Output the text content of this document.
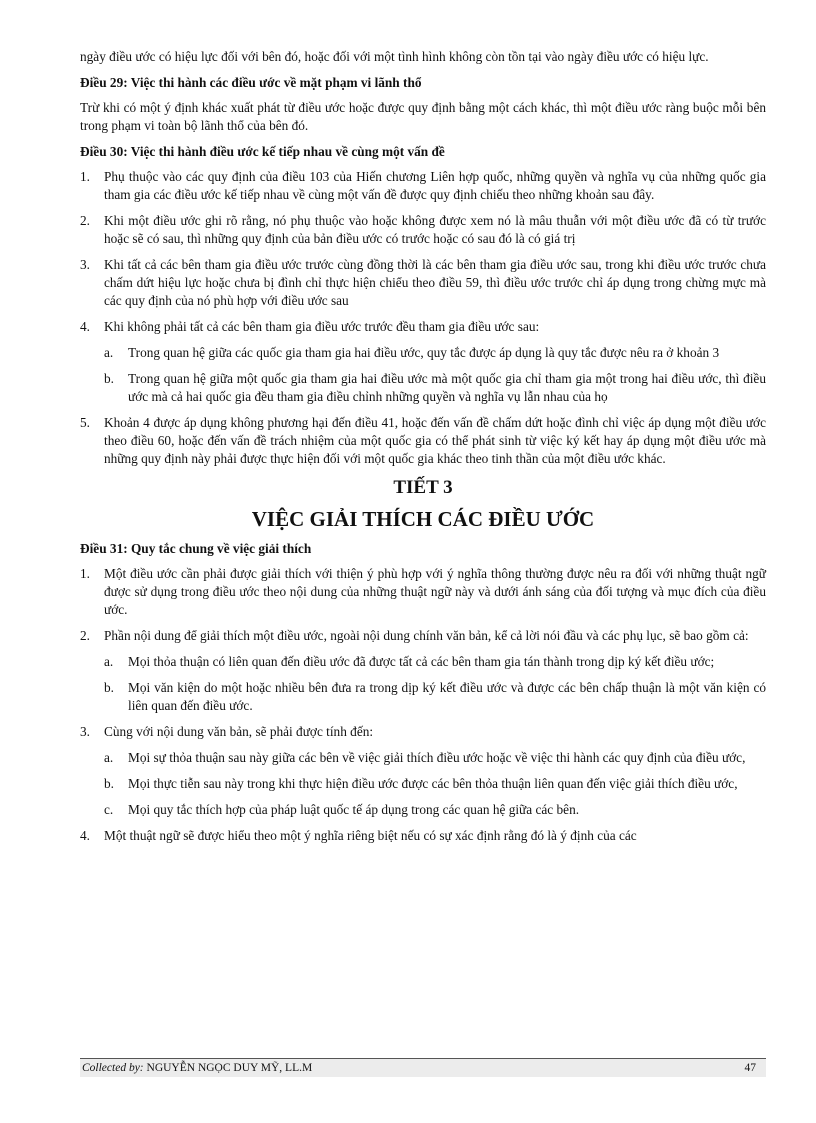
ngày điều ước có hiệu lực đối với bên đó, hoặc đối với một tình hình không còn tồn tại vào ngày điều ước có hiệu lực.

Điều 29: Việc thi hành các điều ước về mặt phạm vi lãnh thổ

Trừ khi có một ý định khác xuất phát từ điều ước hoặc được quy định bằng một cách khác, thì một điều ước ràng buộc mỗi bên trong phạm vi toàn bộ lãnh thổ của bên đó.

Điều 30: Việc thi hành điều ước kế tiếp nhau về cùng một vấn đề

1. Phụ thuộc vào các quy định của điều 103 của Hiến chương Liên hợp quốc, những quyền và nghĩa vụ của những quốc gia tham gia các điều ước kế tiếp nhau về cùng một vấn đề được quy định chiếu theo những khoản sau đây.
2. Khi một điều ước ghi rõ rằng, nó phụ thuộc vào hoặc không được xem nó là mâu thuẫn với một điều ước đã có từ trước hoặc sẽ có sau, thì những quy định của bản điều ước có trước hoặc có sau đó là có giá trị
3. Khi tất cả các bên tham gia điều ước trước cùng đồng thời là các bên tham gia điều ước sau, trong khi điều ước trước chưa chấm dứt hiệu lực hoặc chưa bị đình chỉ thực hiện chiểu theo điều 59, thì điều ước trước chỉ áp dụng trong chừng mực mà các quy định của nó phù hợp với điều ước sau
4. Khi không phải tất cả các bên tham gia điều ước trước đều tham gia điều ước sau:
a. Trong quan hệ giữa các quốc gia tham gia hai điều ước, quy tắc được áp dụng là quy tắc được nêu ra ở khoản 3
b. Trong quan hệ giữa một quốc gia tham gia hai điều ước mà một quốc gia chỉ tham gia một trong hai điều ước, thì điều ước mà cả hai quốc gia đều tham gia điều chỉnh những quyền và nghĩa vụ lẫn nhau của họ
5. Khoản 4 được áp dụng không phương hại đến điều 41, hoặc đến vấn đề chấm dứt hoặc đình chỉ việc áp dụng một điều ước theo điều 60, hoặc đến vấn đề trách nhiệm của một quốc gia có thể phát sinh từ việc ký kết hay áp dụng một điều ước mà những quy định này phải được thực hiện đối với một quốc gia khác theo tinh thần của một điều ước khác.

TIẾT 3

VIỆC GIẢI THÍCH CÁC ĐIỀU ƯỚC

Điều 31: Quy tắc chung về việc giải thích

1. Một điều ước cần phải được giải thích với thiện ý phù hợp với ý nghĩa thông thường được nêu ra đối với những thuật ngữ được sử dụng trong điều ước theo nội dung của những thuật ngữ này và dưới ánh sáng của đối tượng và mục đích của điều ước.
2. Phần nội dung để giải thích một điều ước, ngoài nội dung chính văn bản, kể cả lời nói đầu và các phụ lục, sẽ bao gồm cả:
a. Mọi thỏa thuận có liên quan đến điều ước đã được tất cả các bên tham gia tán thành trong dịp ký kết điều ước;
b. Mọi văn kiện do một hoặc nhiều bên đưa ra trong dịp ký kết điều ước và được các bên chấp thuận là một văn kiện có liên quan đến điều ước.
3. Cùng với nội dung văn bản, sẽ phải được tính đến:
a. Mọi sự thỏa thuận sau này giữa các bên về việc giải thích điều ước hoặc về việc thi hành các quy định của điều ước,
b. Mọi thực tiễn sau này trong khi thực hiện điều ước được các bên thỏa thuận liên quan đến việc giải thích điều ước,
c. Mọi quy tắc thích hợp của pháp luật quốc tế áp dụng trong các quan hệ giữa các bên.
4. Một thuật ngữ sẽ được hiểu theo một ý nghĩa riêng biệt nếu có sự xác định rằng đó là ý định của các
Collected by: NGUYỄN NGỌC DUY MỸ, LL.M	47
